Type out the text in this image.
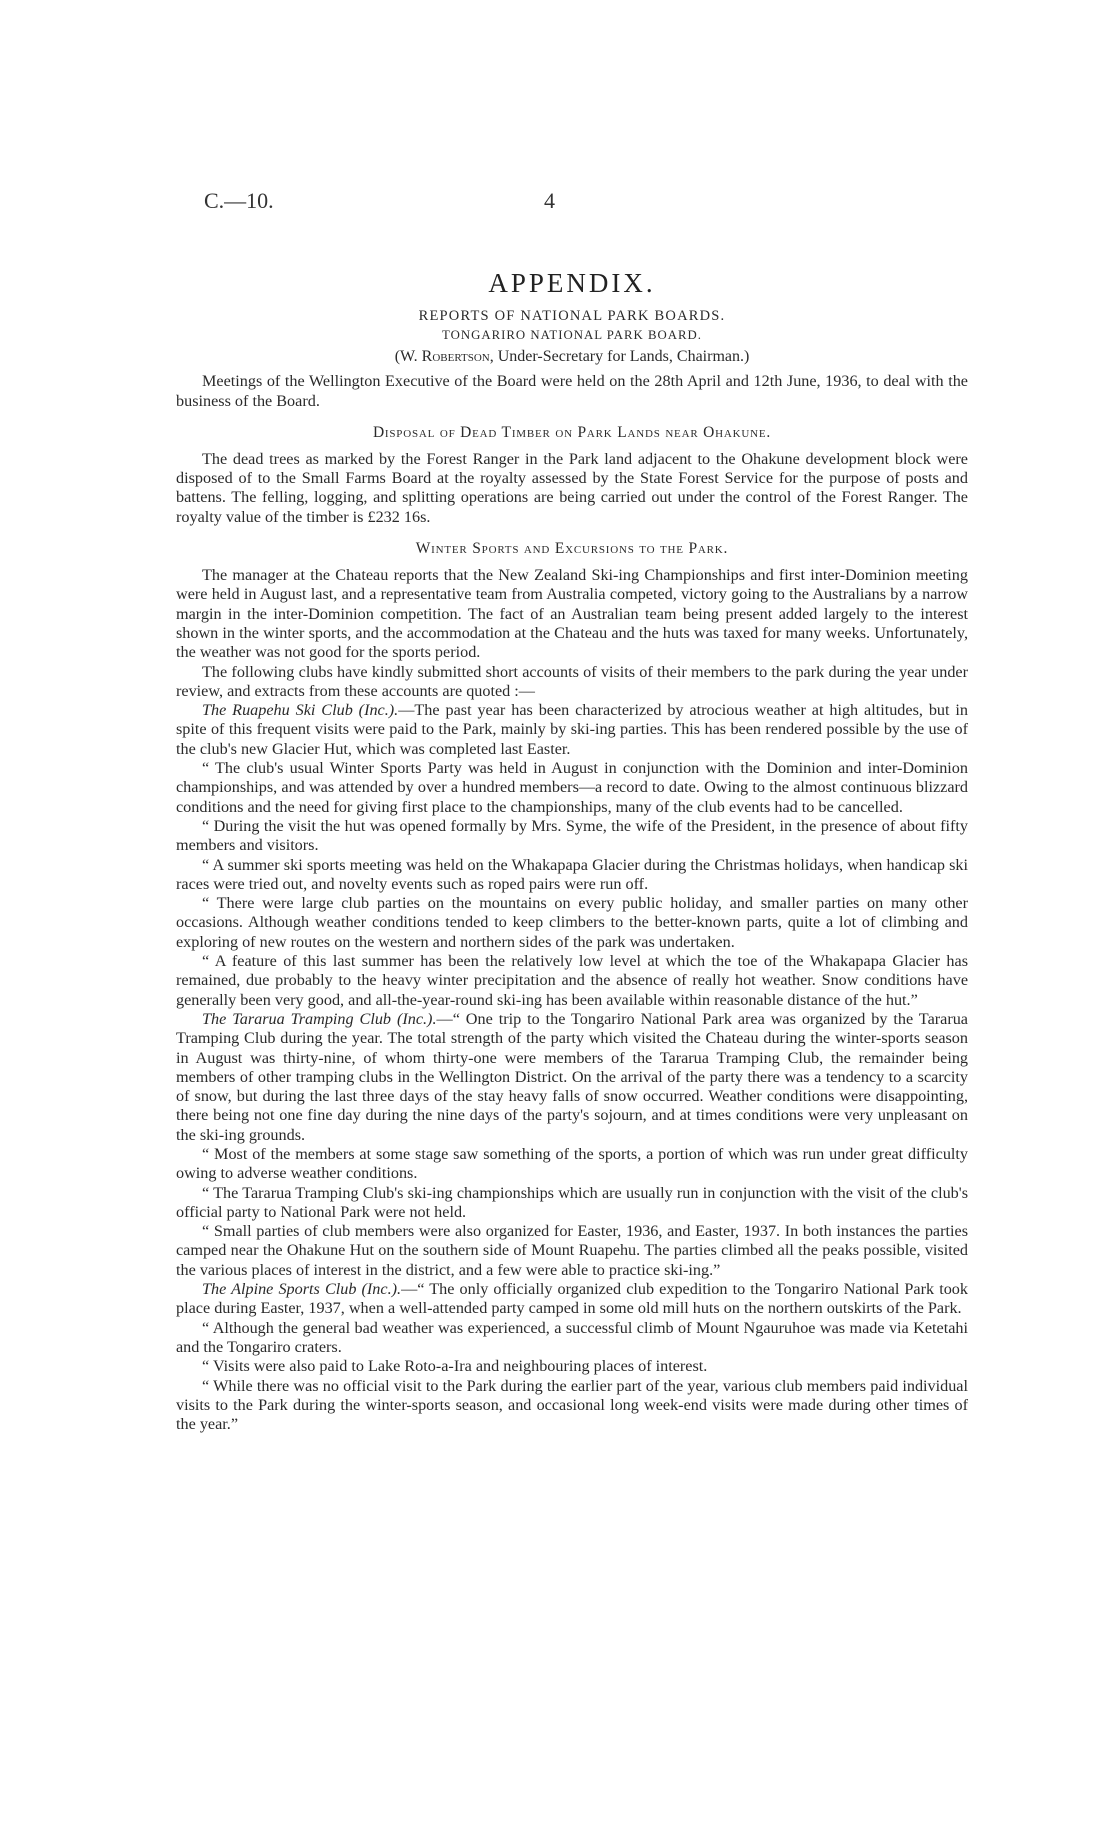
C.—10.	4
APPENDIX.
REPORTS OF NATIONAL PARK BOARDS.
TONGARIRO NATIONAL PARK BOARD.
(W. Robertson, Under-Secretary for Lands, Chairman.)

Meetings of the Wellington Executive of the Board were held on the 28th April and 12th June, 1936, to deal with the business of the Board.

Disposal of Dead Timber on Park Lands near Ohakune.

The dead trees as marked by the Forest Ranger in the Park land adjacent to the Ohakune development block were disposed of to the Small Farms Board at the royalty assessed by the State Forest Service for the purpose of posts and battens. The felling, logging, and splitting operations are being carried out under the control of the Forest Ranger. The royalty value of the timber is £232 16s.

Winter Sports and Excursions to the Park.

The manager at the Chateau reports that the New Zealand Ski-ing Championships and first inter-Dominion meeting were held in August last, and a representative team from Australia competed, victory going to the Australians by a narrow margin in the inter-Dominion competition. The fact of an Australian team being present added largely to the interest shown in the winter sports, and the accommodation at the Chateau and the huts was taxed for many weeks. Unfortunately, the weather was not good for the sports period.

The following clubs have kindly submitted short accounts of visits of their members to the park during the year under review, and extracts from these accounts are quoted :—

The Ruapehu Ski Club (Inc.).—The past year has been characterized by atrocious weather at high altitudes, but in spite of this frequent visits were paid to the Park, mainly by ski-ing parties. This has been rendered possible by the use of the club's new Glacier Hut, which was completed last Easter.

“ The club's usual Winter Sports Party was held in August in conjunction with the Dominion and inter-Dominion championships, and was attended by over a hundred members—a record to date. Owing to the almost continuous blizzard conditions and the need for giving first place to the championships, many of the club events had to be cancelled.

“ During the visit the hut was opened formally by Mrs. Syme, the wife of the President, in the presence of about fifty members and visitors.

“ A summer ski sports meeting was held on the Whakapapa Glacier during the Christmas holidays, when handicap ski races were tried out, and novelty events such as roped pairs were run off.

“ There were large club parties on the mountains on every public holiday, and smaller parties on many other occasions. Although weather conditions tended to keep climbers to the better-known parts, quite a lot of climbing and exploring of new routes on the western and northern sides of the park was undertaken.

“ A feature of this last summer has been the relatively low level at which the toe of the Whakapapa Glacier has remained, due probably to the heavy winter precipitation and the absence of really hot weather. Snow conditions have generally been very good, and all-the-year-round ski-ing has been available within reasonable distance of the hut.”

The Tararua Tramping Club (Inc.).—“ One trip to the Tongariro National Park area was organized by the Tararua Tramping Club during the year. The total strength of the party which visited the Chateau during the winter-sports season in August was thirty-nine, of whom thirty-one were members of the Tararua Tramping Club, the remainder being members of other tramping clubs in the Wellington District. On the arrival of the party there was a tendency to a scarcity of snow, but during the last three days of the stay heavy falls of snow occurred. Weather conditions were disappointing, there being not one fine day during the nine days of the party's sojourn, and at times conditions were very unpleasant on the ski-ing grounds.

“ Most of the members at some stage saw something of the sports, a portion of which was run under great difficulty owing to adverse weather conditions.

“ The Tararua Tramping Club's ski-ing championships which are usually run in conjunction with the visit of the club's official party to National Park were not held.

“ Small parties of club members were also organized for Easter, 1936, and Easter, 1937. In both instances the parties camped near the Ohakune Hut on the southern side of Mount Ruapehu. The parties climbed all the peaks possible, visited the various places of interest in the district, and a few were able to practice ski-ing.”

The Alpine Sports Club (Inc.).—“ The only officially organized club expedition to the Tongariro National Park took place during Easter, 1937, when a well-attended party camped in some old mill huts on the northern outskirts of the Park.

“ Although the general bad weather was experienced, a successful climb of Mount Ngauruhoe was made via Ketetahi and the Tongariro craters.

“ Visits were also paid to Lake Roto-a-Ira and neighbouring places of interest.

“ While there was no official visit to the Park during the earlier part of the year, various club members paid individual visits to the Park during the winter-sports season, and occasional long week-end visits were made during other times of the year.”
